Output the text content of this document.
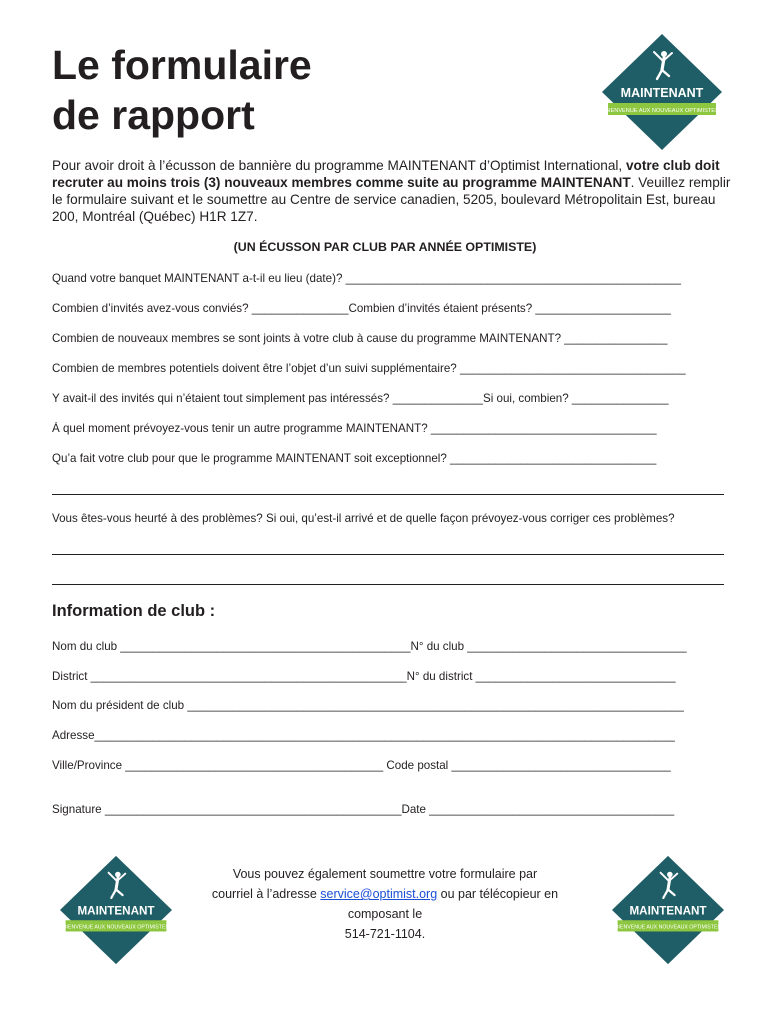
Le formulaire
de rapport	MAINTENANT
BIENVENUE AUX NOUVEAUX OPTIMISTES

Pour avoir droit à l’écusson de bannière du programme MAINTENANT d’Optimist International, votre club doit recruter au moins trois (3) nouveaux membres comme suite au programme MAINTENANT. Veuillez remplir le formulaire suivant et le soumettre au Centre de service canadien, 5205, boulevard Métropolitain Est, bureau 200, Montréal (Québec) H1R 1Z7.

(UN ÉCUSSON PAR CLUB PAR ANNÉE OPTIMISTE)
Quand votre banquet MAINTENANT a-t-il eu lieu (date)? ____________________________________________________
Combien d’invités avez-vous conviés? _______________Combien d’invités étaient présents? _____________________
Combien de nouveaux membres se sont joints à votre club à cause du programme MAINTENANT? ________________
Combien de membres potentiels doivent être l’objet d’un suivi supplémentaire? ___________________________________
Y avait-il des invités qui n’étaient tout simplement pas intéressés? ______________Si oui, combien? _______________
À quel moment prévoyez-vous tenir un autre programme MAINTENANT? ___________________________________
Qu’a fait votre club pour que le programme MAINTENANT soit exceptionnel? ________________________________
Vous êtes-vous heurté à des problèmes? Si oui, qu’est-il arrivé et de quelle façon prévoyez-vous corriger ces problèmes?
Information de club :
Nom du club _____________________________________________N° du club __________________________________
District _________________________________________________N° du district _______________________________
Nom du président de club _____________________________________________________________________________
Adresse__________________________________________________________________________________________
Ville/Province ________________________________________ Code postal __________________________________
Signature ______________________________________________Date ______________________________________
MAINTENANT
BIENVENUE AUX NOUVEAUX OPTIMISTES
MAINTENANT
BIENVENUE AUX NOUVEAUX OPTIMISTES
Vous pouvez également soumettre votre formulaire par
courriel à l’adresse service@optimist.org ou par télécopieur en
composant le
514-721-1104.
